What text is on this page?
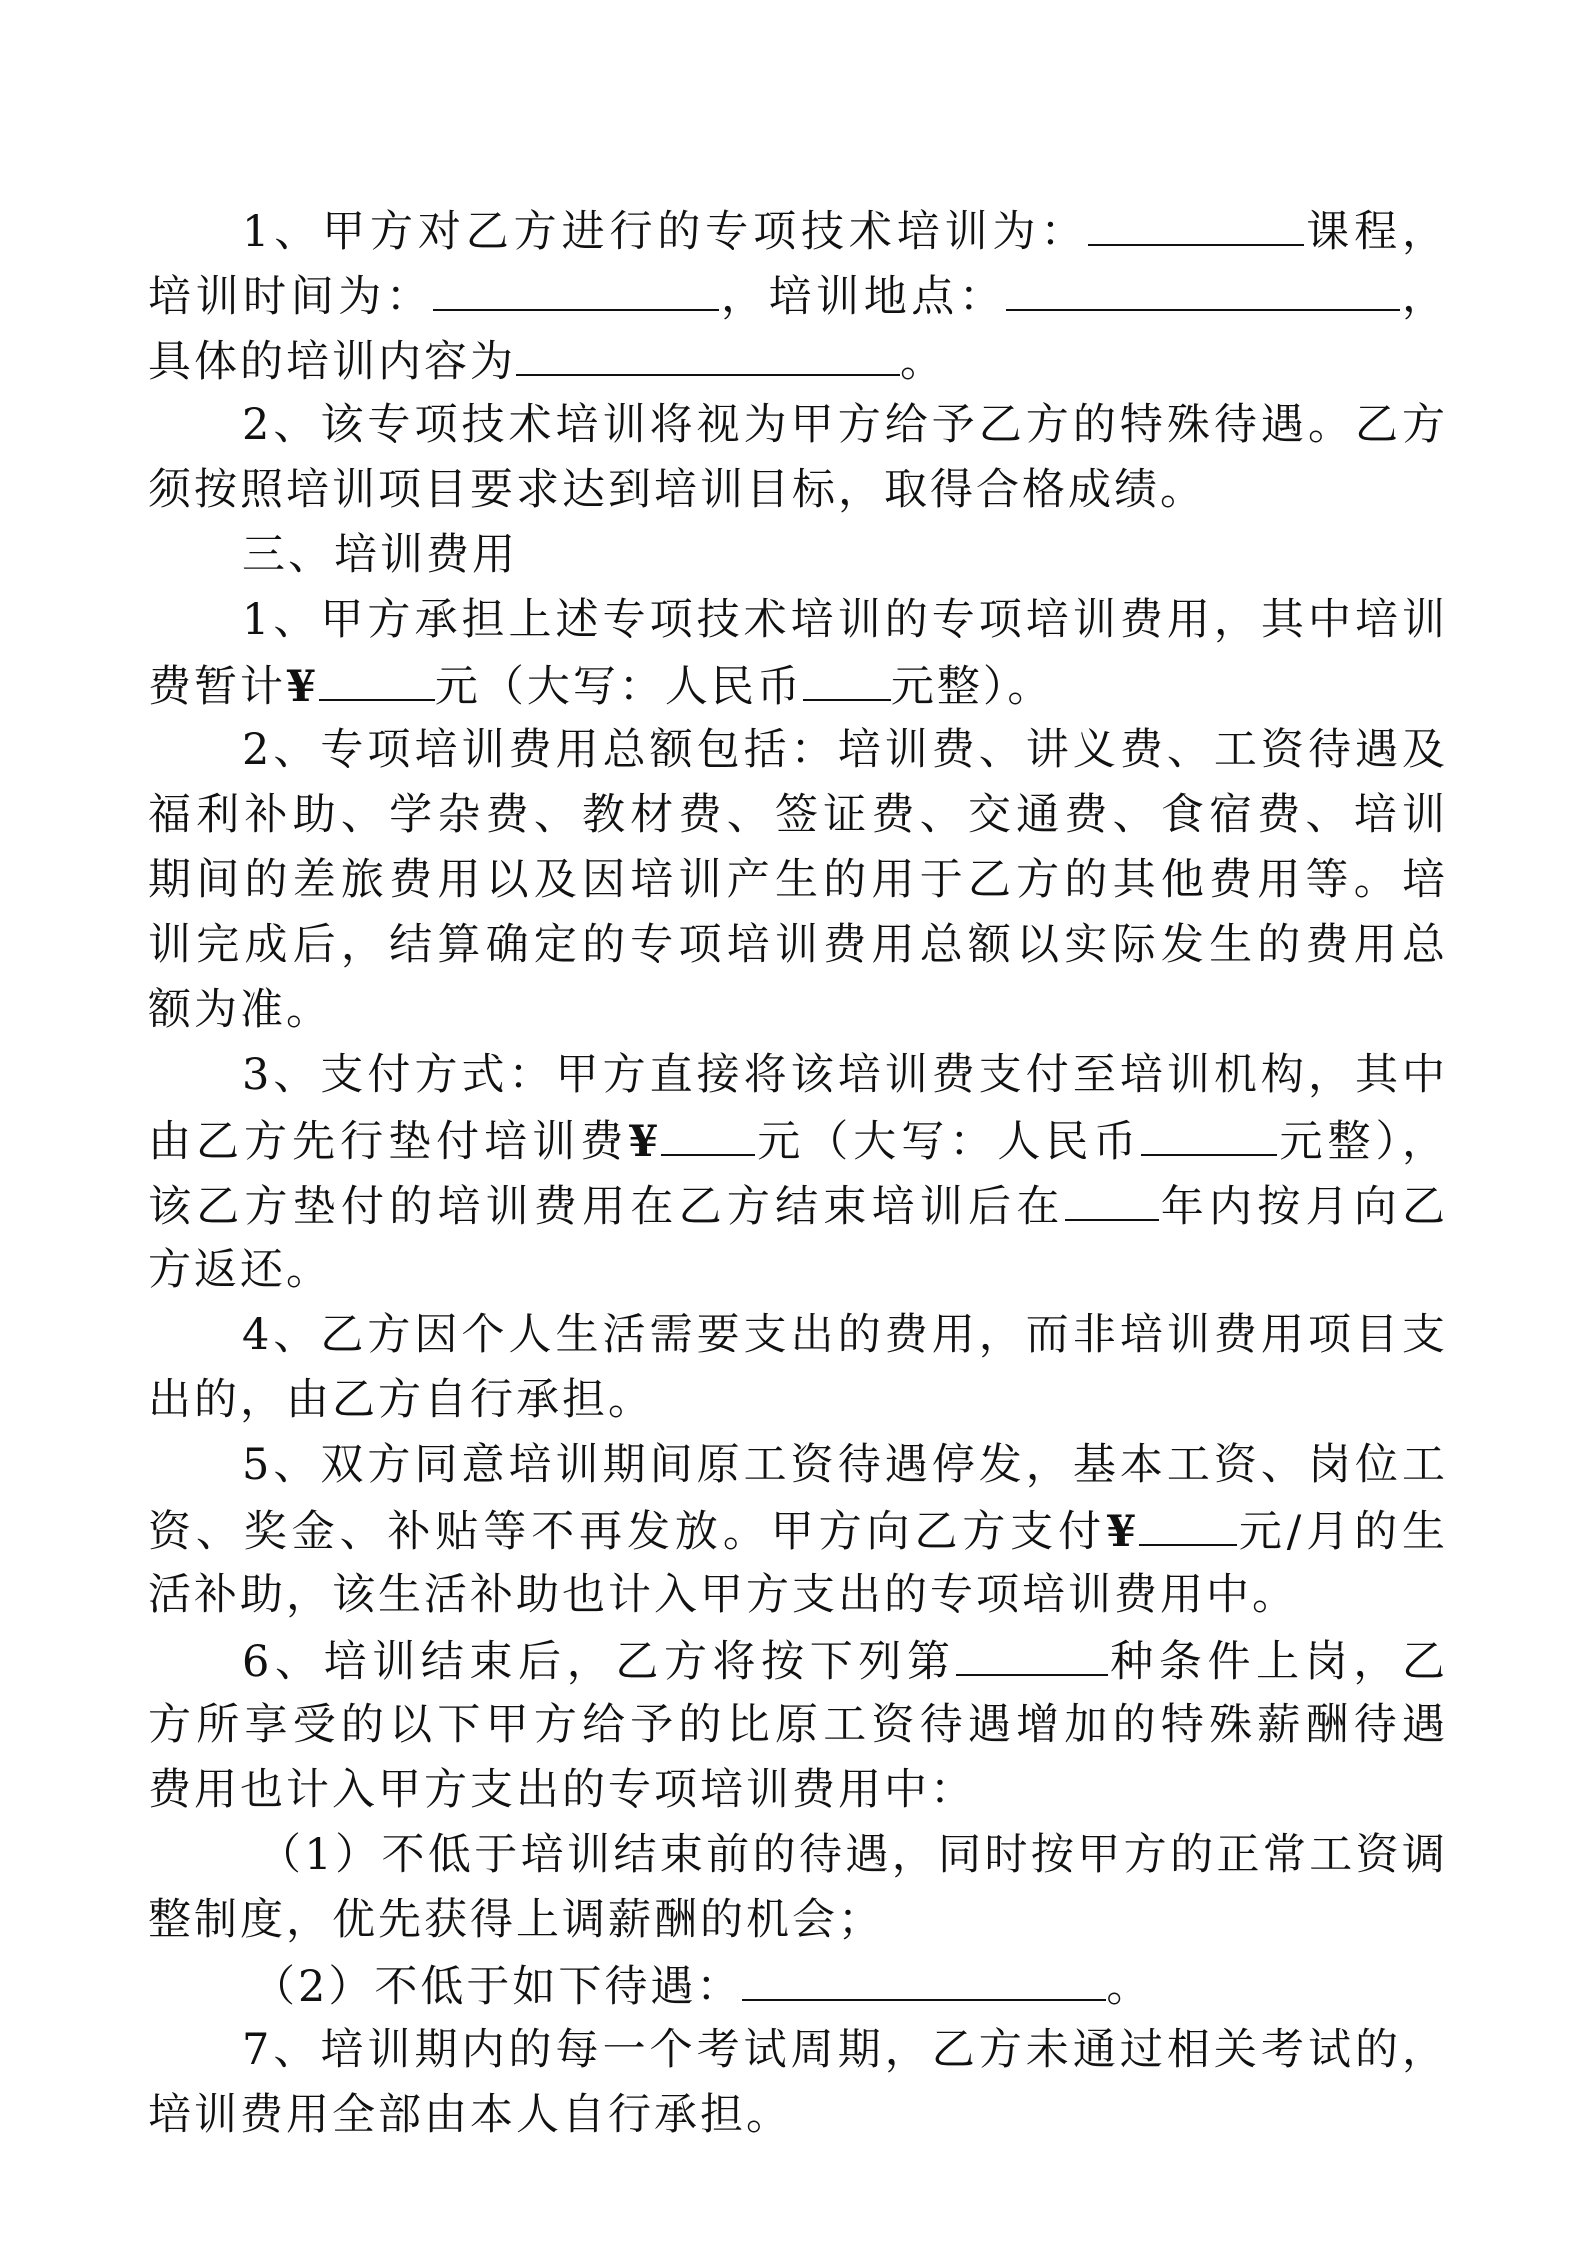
1、甲方对乙方进行的专项技术培训为：	课程，
培训时间为：	，培训地点：	，
具体的培训内容为	。
2、该专项技术培训将视为甲方给予乙方的特殊待遇。乙方
须按照培训项目要求达到培训目标，取得合格成绩。
三、培训费用
1、甲方承担上述专项技术培训的专项培训费用，其中培训
费暂计¥	元（大写：人民币 元整）。
2、专项培训费用总额包括：培训费、讲义费、工资待遇及
福利补助、学杂费、教材费、签证费、交通费、食宿费、培训
期间的差旅费用以及因培训产生的用于乙方的其他费用等。培
训完成后，结算确定的专项培训费用总额以实际发生的费用总
额为准。
3、支付方式：甲方直接将该培训费支付至培训机构，其中
由乙方先行垫付培训费¥ 元（大写：人民币	元整），
该乙方垫付的培训费用在乙方结束培训后在 年内按月向乙
方返还。
4、乙方因个人生活需要支出的费用，而非培训费用项目支
出的，由乙方自行承担。
5、双方同意培训期间原工资待遇停发，基本工资、岗位工
资、奖金、补贴等不再发放。甲方向乙方支付¥ 元/月的生
活补助，该生活补助也计入甲方支出的专项培训费用中。
6、培训结束后，乙方将按下列第	种条件上岗，乙
方所享受的以下甲方给予的比原工资待遇增加的特殊薪酬待遇
费用也计入甲方支出的专项培训费用中：
（1）不低于培训结束前的待遇，同时按甲方的正常工资调
整制度，优先获得上调薪酬的机会；
（2）不低于如下待遇：	。
7、培训期内的每一个考试周期，乙方未通过相关考试的，
培训费用全部由本人自行承担。
